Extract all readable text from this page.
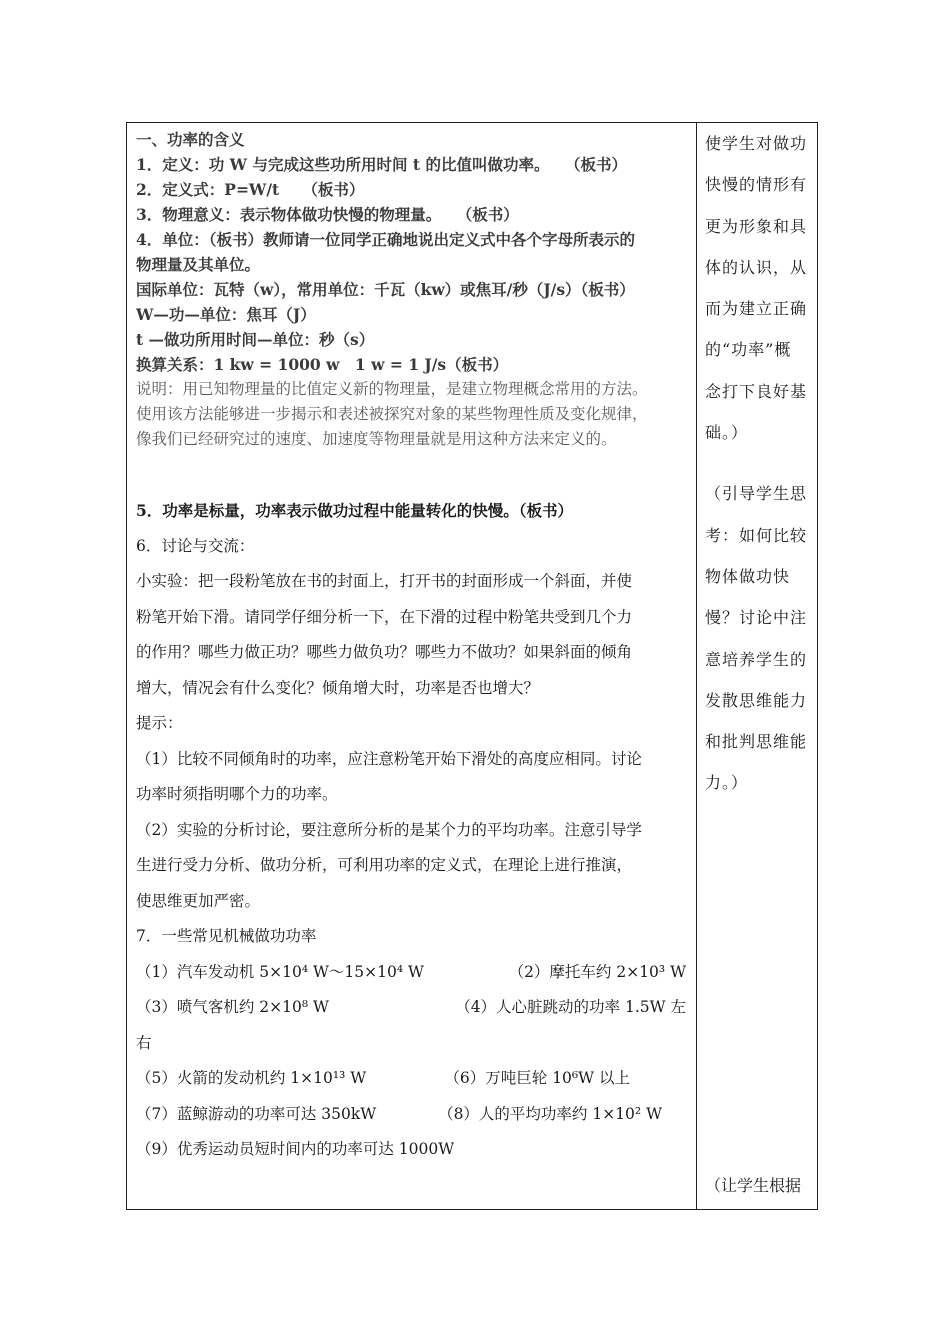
一、功率的含义
1．定义：功 W 与完成这些功所用时间 t 的比值叫做功率。　　（板书）
2．定义式：P=W/t　　（板书）
3．物理意义：表示物体做功快慢的物理量。　　（板书）
4．单位：（板书）教师请一位同学正确地说出定义式中各个字母所表示的
物理量及其单位。
国际单位：瓦特（w），常用单位：千瓦（kw）或焦耳/秒（J/s）（板书）
W—功—单位：焦耳（J）
t —做功所用时间—单位：秒（s）
换算关系：1 kw = 1000 w　1 w = 1 J/s（板书）
说明：用已知物理量的比值定义新的物理量，是建立物理概念常用的方法。
使用该方法能够进一步揭示和表述被探究对象的某些物理性质及变化规律，
像我们已经研究过的速度、加速度等物理量就是用这种方法来定义的。
5．功率是标量，功率表示做功过程中能量转化的快慢。（板书）
6．讨论与交流：
小实验：把一段粉笔放在书的封面上，打开书的封面形成一个斜面，并使
粉笔开始下滑。请同学仔细分析一下，在下滑的过程中粉笔共受到几个力
的作用？哪些力做正功？哪些力做负功？哪些力不做功？如果斜面的倾角
增大，情况会有什么变化？倾角增大时，功率是否也增大？
提示：
（1）比较不同倾角时的功率，应注意粉笔开始下滑处的高度应相同。讨论
功率时须指明哪个力的功率。
（2）实验的分析讨论，要注意所分析的是某个力的平均功率。注意引导学
生进行受力分析、做功分析，可利用功率的定义式，在理论上进行推演，
使思维更加严密。
7．一些常见机械做功功率
（1）汽车发动机 5×10⁴ W～15×10⁴ W	（2）摩托车约 2×10³ W
（3）喷气客机约 2×10⁸ W	（4）人心脏跳动的功率 1.5W 左
右
（5）火箭的发动机约 1×10¹³ W	（6）万吨巨轮 10⁶W 以上
（7）蓝鲸游动的功率可达 350kW	（8）人的平均功率约 1×10² W
（9）优秀运动员短时间内的功率可达 1000W
使学生对做功
快慢的情形有
更为形象和具
体的认识，从
而为建立正确
的“功率”概
念打下良好基
础。）
（引导学生思
考：如何比较
物体做功快
慢？讨论中注
意培养学生的
发散思维能力
和批判思维能
力。）
（让学生根据
